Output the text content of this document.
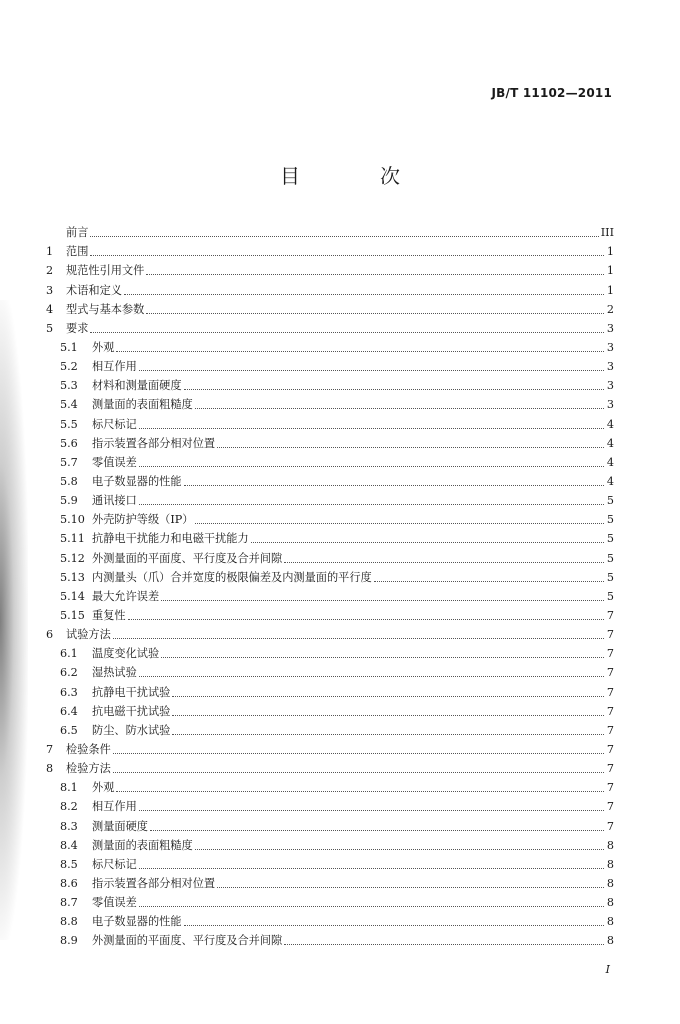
JB/T 11102—2011
目　次
前言	III
1	范围	1
2	规范性引用文件	1
3	术语和定义	1
4	型式与基本参数	2
5	要求	3
5.1	外观	3
5.2	相互作用	3
5.3	材料和测量面硬度	3
5.4	测量面的表面粗糙度	3
5.5	标尺标记	4
5.6	指示装置各部分相对位置	4
5.7	零值误差	4
5.8	电子数显器的性能	4
5.9	通讯接口	5
5.10 外壳防护等级（IP）	5
5.11 抗静电干扰能力和电磁干扰能力	5
5.12 外测量面的平面度、平行度及合并间隙	5
5.13 内测量头（爪）合并宽度的极限偏差及内测量面的平行度	5
5.14 最大允许误差	5
5.15 重复性	7
6	试验方法	7
6.1	温度变化试验	7
6.2	湿热试验	7
6.3	抗静电干扰试验	7
6.4	抗电磁干扰试验	7
6.5	防尘、防水试验	7
7	检验条件	7
8	检验方法	7
8.1	外观	7
8.2	相互作用	7
8.3	测量面硬度	7
8.4	测量面的表面粗糙度	8
8.5	标尺标记	8
8.6	指示装置各部分相对位置	8
8.7	零值误差	8
8.8	电子数显器的性能	8
8.9	外测量面的平面度、平行度及合并间隙	8
I
